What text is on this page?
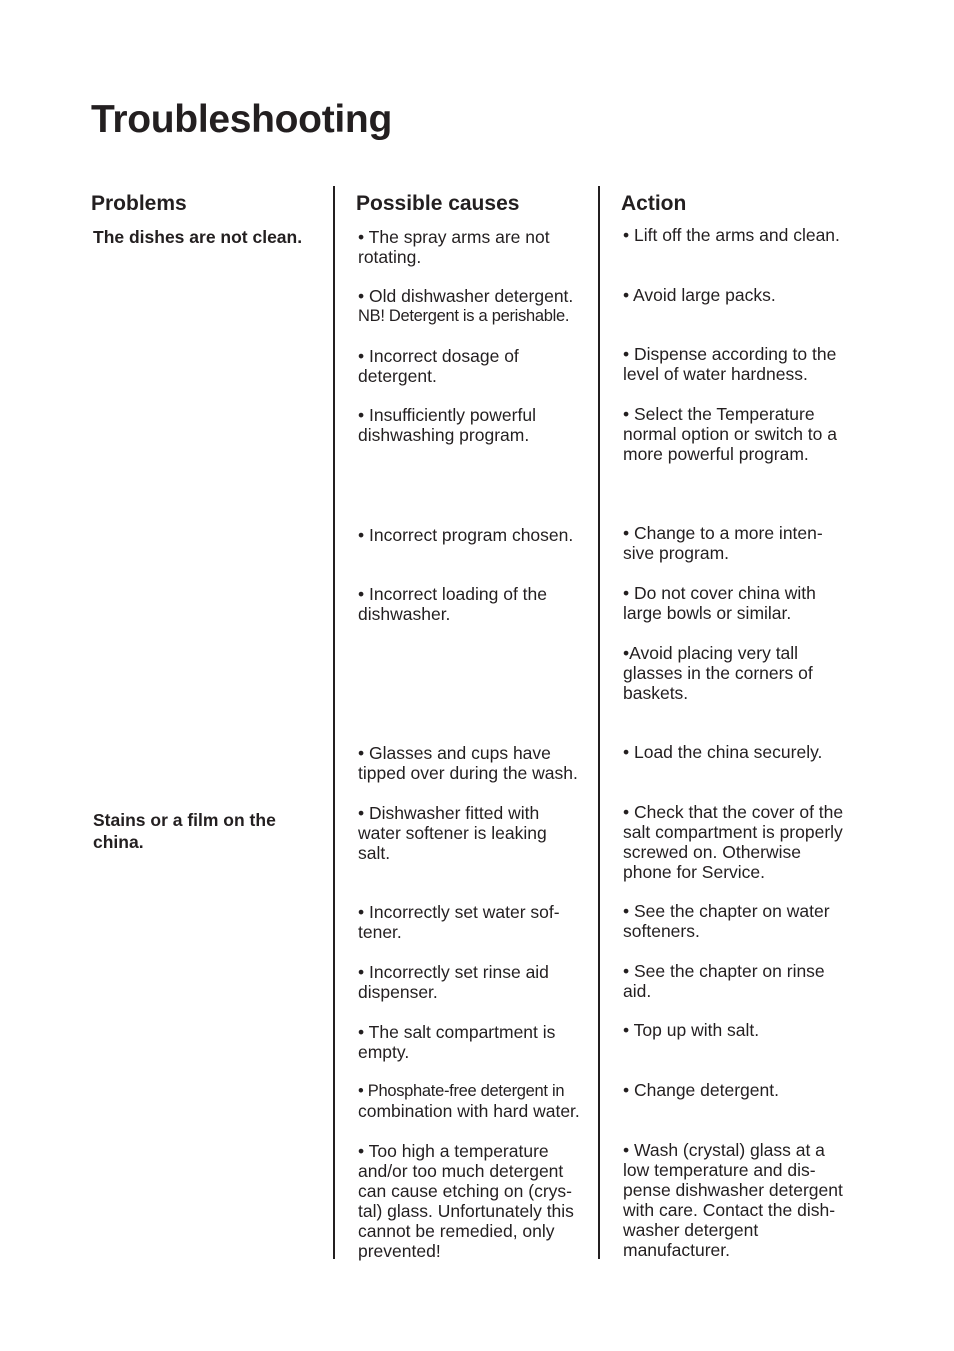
Troubleshooting
Problems	Possible causes	Action
The dishes are not clean.
Stains or a film on the
china.
• The spray arms are not
rotating.
• Old dishwasher detergent.
NB! Detergent is a perishable.
• Incorrect dosage of
detergent.
• Insufficiently powerful
dishwashing program.
• Incorrect program chosen.
• Incorrect loading of the
dishwasher.
• Glasses and cups have
tipped over during the wash.
• Dishwasher fitted with
water softener is leaking
salt.
• Incorrectly set water sof-
tener.
• Incorrectly set rinse aid
dispenser.
• The salt compartment is
empty.
• Phosphate-free detergent in
combination with hard water.
• Too high a temperature
and/or too much detergent
can cause etching on (crys-
tal) glass. Unfortunately this
cannot be remedied, only
prevented!
• Lift off the arms and clean.
• Avoid large packs.
• Dispense according to the
level of water hardness.
• Select the Temperature
normal option or switch to a
more powerful program.
• Change to a more inten-
sive program.
• Do not cover china with
large bowls or similar.
•Avoid placing very tall
glasses in the corners of
baskets.
• Load the china securely.
• Check that the cover of the
salt compartment is properly
screwed on. Otherwise
phone for Service.
• See the chapter on water
softeners.
• See the chapter on rinse
aid.
• Top up with salt.
• Change detergent.
• Wash (crystal) glass at a
low temperature and dis-
pense dishwasher detergent
with care. Contact the dish-
washer detergent
manufacturer.
